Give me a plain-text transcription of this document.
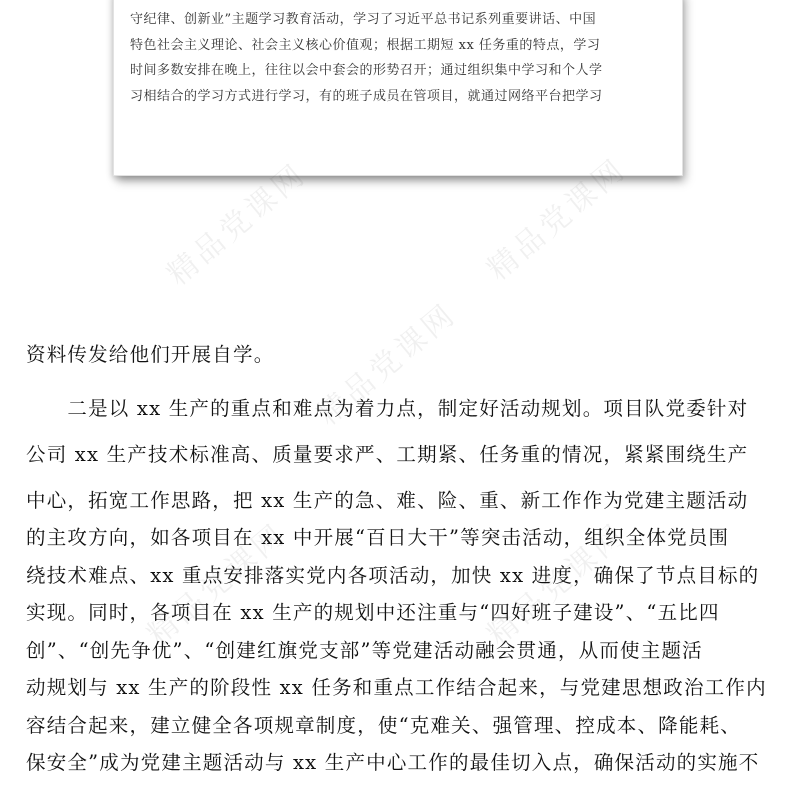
守纪律、创新业”主题学习教育活动，学习了习近平总书记系列重要讲话、中国
特色社会主义理论、社会主义核心价值观；根据工期短 xx 任务重的特点，学习
时间多数安排在晚上，往往以会中套会的形势召开；通过组织集中学习和个人学
习相结合的学习方式进行学习，有的班子成员在管项目，就通过网络平台把学习
资料传发给他们开展自学。
　　二是以 xx 生产的重点和难点为着力点，制定好活动规划。项目队党委针对
公司 xx 生产技术标准高、质量要求严、工期紧、任务重的情况，紧紧围绕生产
中心，拓宽工作思路，把 xx 生产的急、难、险、重、新工作作为党建主题活动
的主攻方向，如各项目在 xx 中开展“百日大干”等突击活动，组织全体党员围
绕技术难点、xx 重点安排落实党内各项活动，加快 xx 进度，确保了节点目标的
实现。同时，各项目在 xx 生产的规划中还注重与“四好班子建设”、“五比四
创”、“创先争优”、“创建红旗党支部”等党建活动融会贯通，从而使主题活
动规划与 xx 生产的阶段性 xx 任务和重点工作结合起来，与党建思想政治工作内
容结合起来，建立健全各项规章制度，使“克难关、强管理、控成本、降能耗、
保安全”成为党建主题活动与 xx 生产中心工作的最佳切入点，确保活动的实施不
精品党课网	精品党课网
精品党课网
精品党课网	精品党课网
